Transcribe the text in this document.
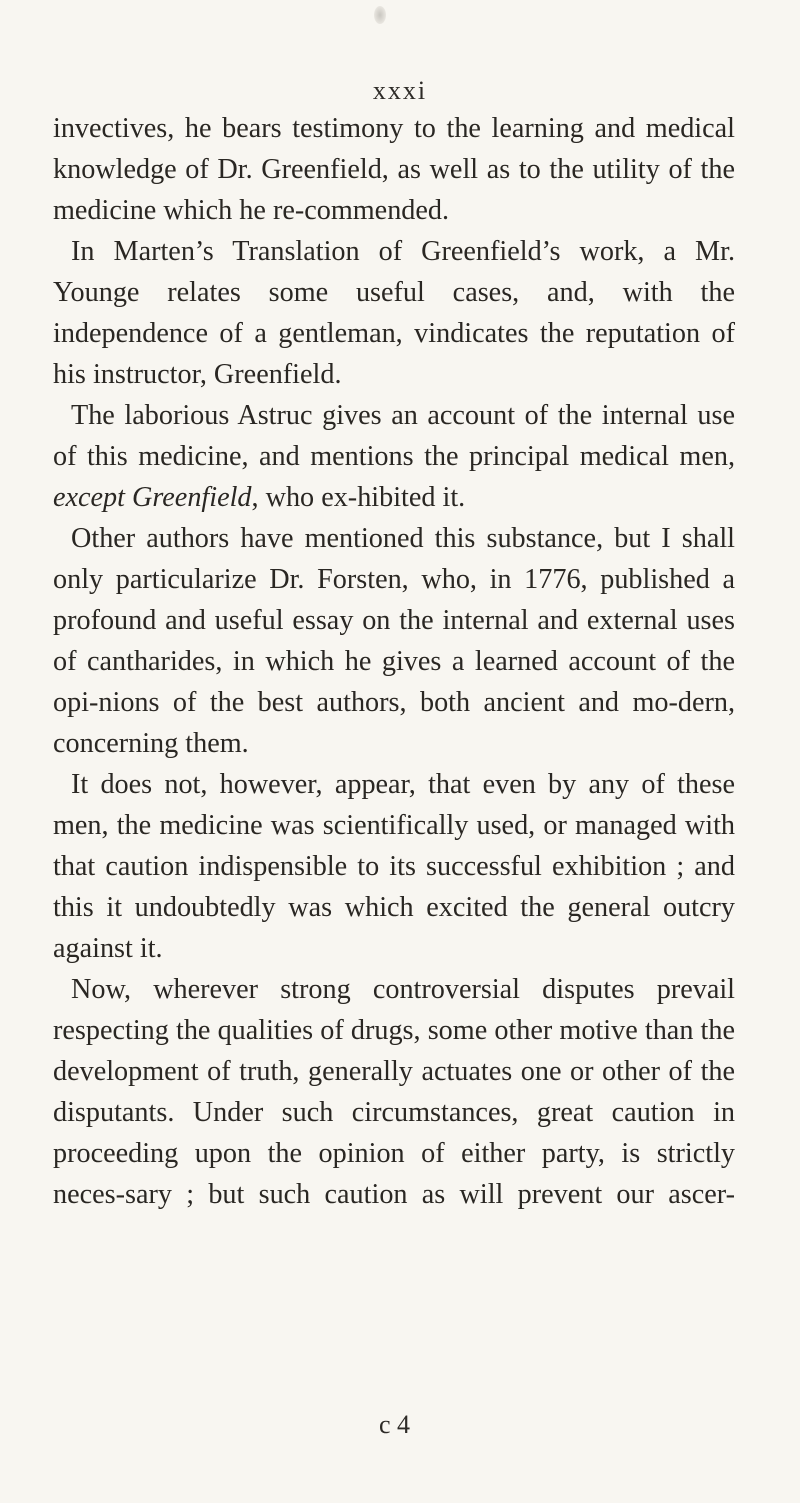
xxxi

invectives, he bears testimony to the learning and medical knowledge of Dr. Greenfield, as well as to the utility of the medicine which he re-commended.

In Marten’s Translation of Greenfield’s work, a Mr. Younge relates some useful cases, and, with the independence of a gentleman, vindicates the reputation of his instructor, Greenfield.

The laborious Astruc gives an account of the internal use of this medicine, and mentions the principal medical men, except Greenfield, who ex-hibited it.

Other authors have mentioned this substance, but I shall only particularize Dr. Forsten, who, in 1776, published a profound and useful essay on the internal and external uses of cantharides, in which he gives a learned account of the opi-nions of the best authors, both ancient and mo-dern, concerning them.

It does not, however, appear, that even by any of these men, the medicine was scientifically used, or managed with that caution indispensible to its successful exhibition ; and this it undoubtedly was which excited the general outcry against it.

Now, wherever strong controversial disputes prevail respecting the qualities of drugs, some other motive than the development of truth, generally actuates one or other of the disputants. Under such circumstances, great caution in proceeding upon the opinion of either party, is strictly neces-sary ; but such caution as will prevent our ascer-

c 4
